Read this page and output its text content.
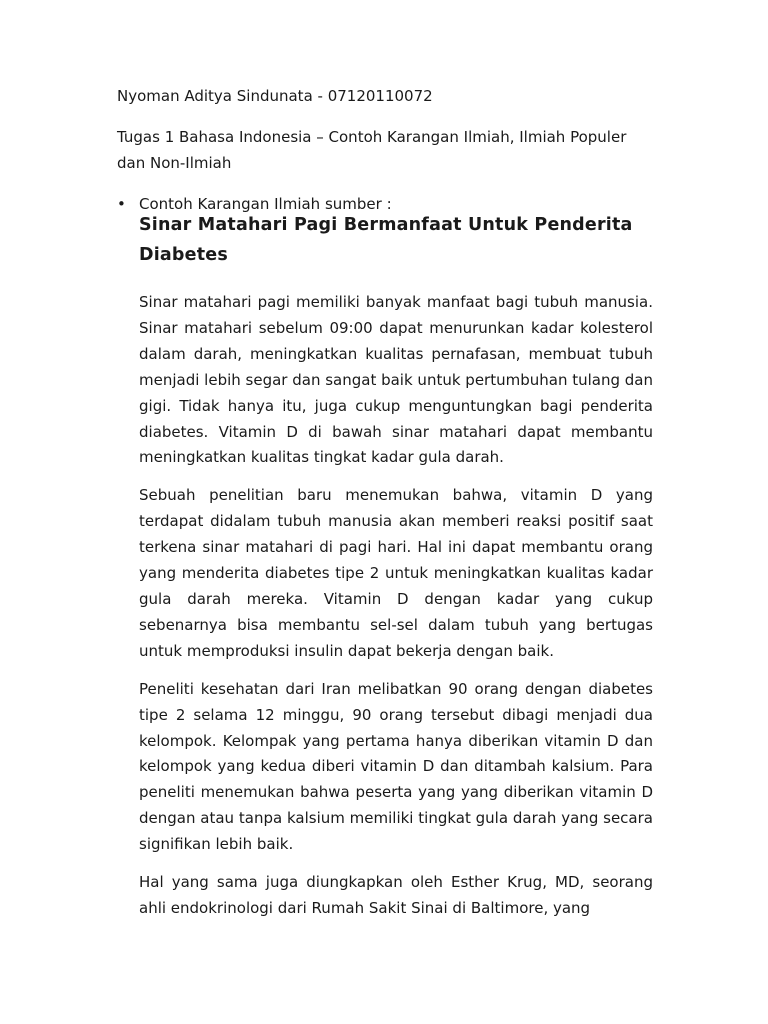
Nyoman Aditya Sindunata - 07120110072
Tugas 1 Bahasa Indonesia – Contoh Karangan Ilmiah, Ilmiah Populer dan Non-Ilmiah
• Contoh Karangan Ilmiah sumber :
Sinar Matahari Pagi Bermanfaat Untuk Penderita Diabetes

Sinar matahari pagi memiliki banyak manfaat bagi tubuh manusia. Sinar matahari sebelum 09:00 dapat menurunkan kadar kolesterol dalam darah, meningkatkan kualitas pernafasan, membuat tubuh menjadi lebih segar dan sangat baik untuk pertumbuhan tulang dan gigi. Tidak hanya itu, juga cukup menguntungkan bagi penderita diabetes. Vitamin D di bawah sinar matahari dapat membantu meningkatkan kualitas tingkat kadar gula darah.

Sebuah penelitian baru menemukan bahwa, vitamin D yang terdapat didalam tubuh manusia akan memberi reaksi positif saat terkena sinar matahari di pagi hari. Hal ini dapat membantu orang yang menderita diabetes tipe 2 untuk meningkatkan kualitas kadar gula darah mereka. Vitamin D dengan kadar yang cukup sebenarnya bisa membantu sel-sel dalam tubuh yang bertugas untuk memproduksi insulin dapat bekerja dengan baik.

Peneliti kesehatan dari Iran melibatkan 90 orang dengan diabetes tipe 2 selama 12 minggu, 90 orang tersebut dibagi menjadi dua kelompok. Kelompak yang pertama hanya diberikan vitamin D dan kelompok yang kedua diberi vitamin D dan ditambah kalsium. Para peneliti menemukan bahwa peserta yang yang diberikan vitamin D dengan atau tanpa kalsium memiliki tingkat gula darah yang secara signifikan lebih baik.

Hal yang sama juga diungkapkan oleh Esther Krug, MD, seorang ahli endokrinologi dari Rumah Sakit Sinai di Baltimore, yang
